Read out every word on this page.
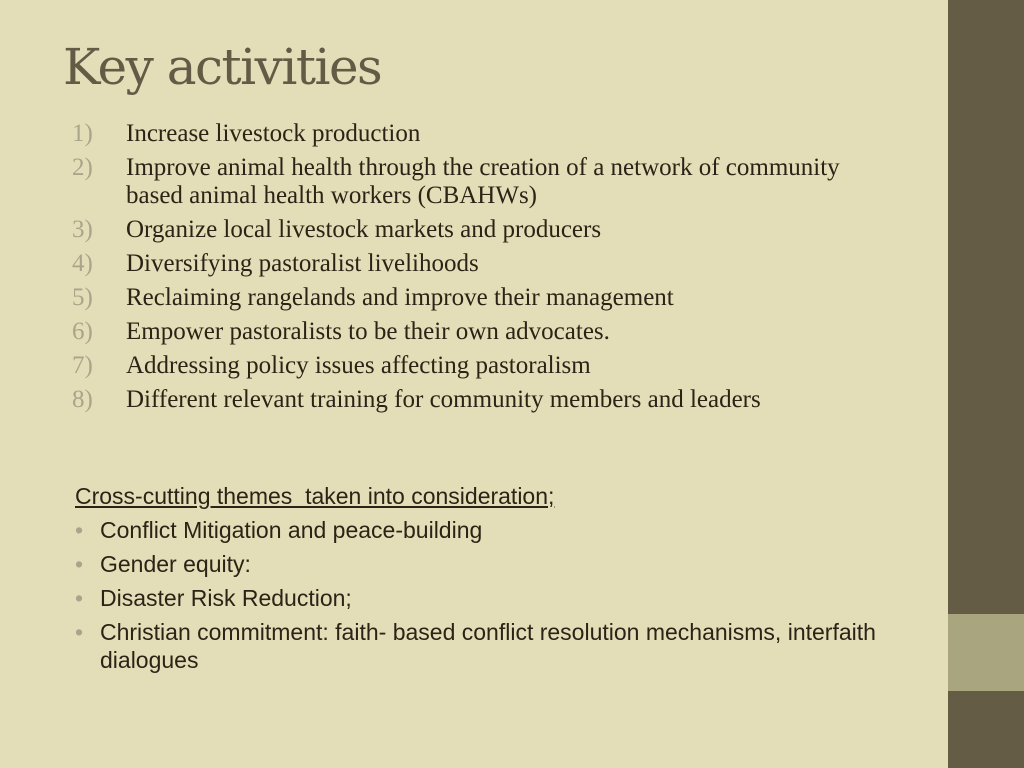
Key activities
1) Increase livestock production
2) Improve animal health through the creation of a network of community based animal health workers (CBAHWs)
3) Organize local livestock markets and producers
4) Diversifying pastoralist livelihoods
5) Reclaiming rangelands and improve their management
6) Empower pastoralists to be their own advocates.
7) Addressing policy issues affecting pastoralism
8) Different relevant training for community members and leaders
Cross-cutting themes  taken into consideration;
• Conflict Mitigation and peace-building
• Gender equity:
• Disaster Risk Reduction;
• Christian commitment: faith- based conflict resolution mechanisms, interfaith dialogues
